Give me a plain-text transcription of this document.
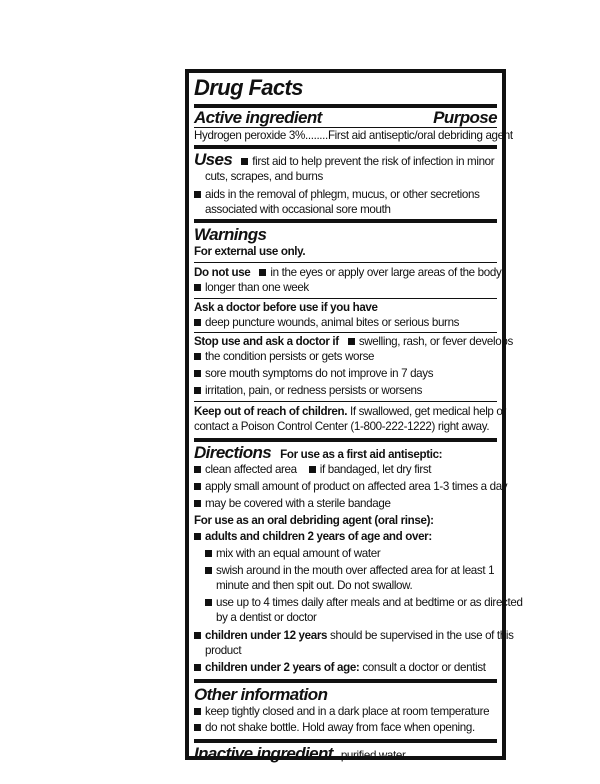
Drug Facts
Active ingredient	Purpose
Hydrogen peroxide 3%........First aid antiseptic/oral debriding agent
Uses first aid to help prevent the risk of infection in minor
cuts, scrapes, and burns
aids in the removal of phlegm, mucus, or other secretions
associated with occasional sore mouth
Warnings
For external use only.
Do not use in the eyes or apply over large areas of the body
longer than one week
Ask a doctor before use if you have
deep puncture wounds, animal bites or serious burns
Stop use and ask a doctor if swelling, rash, or fever develops
the condition persists or gets worse
sore mouth symptoms do not improve in 7 days
irritation, pain, or redness persists or worsens
Keep out of reach of children. If swallowed, get medical help or
contact a Poison Control Center (1-800-222-1222) right away.
Directions For use as a first aid antiseptic:
clean affected area if bandaged, let dry first
apply small amount of product on affected area 1-3 times a day
may be covered with a sterile bandage
For use as an oral debriding agent (oral rinse):
adults and children 2 years of age and over:
mix with an equal amount of water
swish around in the mouth over affected area for at least 1
minute and then spit out. Do not swallow.
use up to 4 times daily after meals and at bedtime or as directed
by a dentist or doctor
children under 12 years should be supervised in the use of this
product
children under 2 years of age: consult a doctor or dentist
Other information
keep tightly closed and in a dark place at room temperature
do not shake bottle. Hold away from face when opening.
Inactive ingredient purified water
